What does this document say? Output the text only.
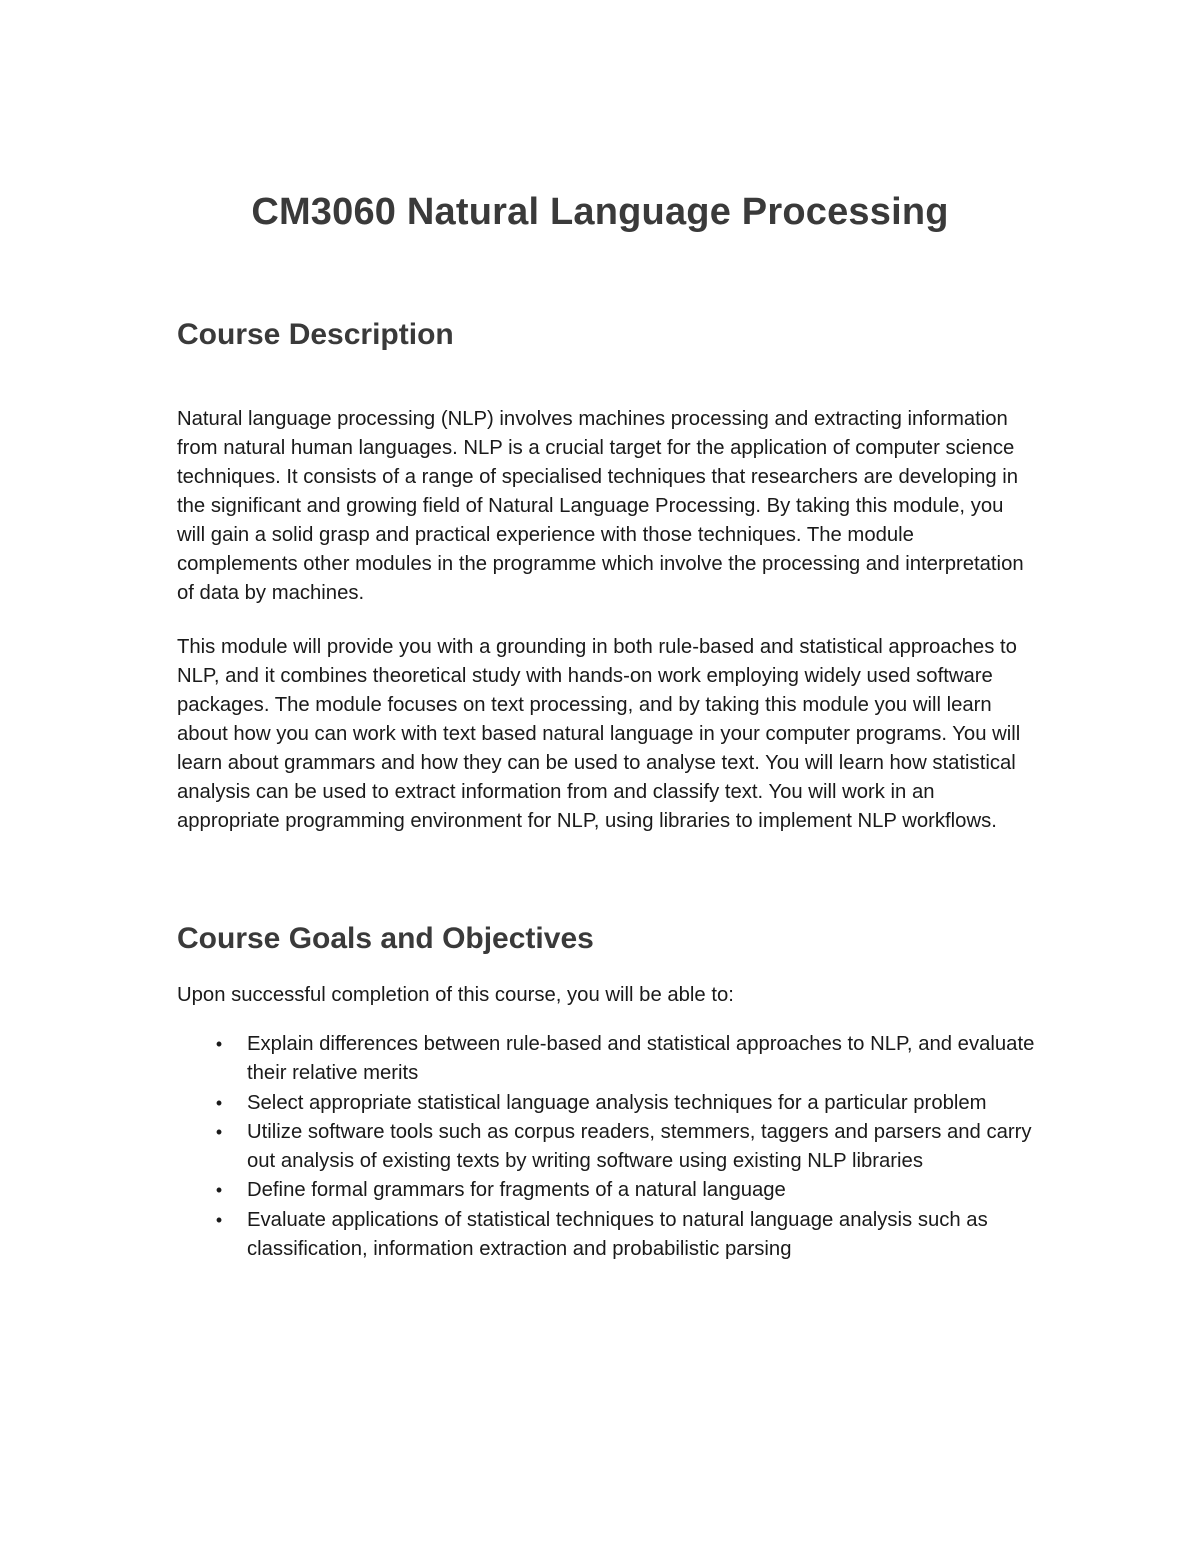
CM3060 Natural Language Processing
Course Description

Natural language processing (NLP) involves machines processing and extracting information from natural human languages. NLP is a crucial target for the application of computer science techniques. It consists of a range of specialised techniques that researchers are developing in the significant and growing field of Natural Language Processing. By taking this module, you will gain a solid grasp and practical experience with those techniques. The module complements other modules in the programme which involve the processing and interpretation of data by machines.

This module will provide you with a grounding in both rule-based and statistical approaches to NLP, and it combines theoretical study with hands-on work employing widely used software packages. The module focuses on text processing, and by taking this module you will learn about how you can work with text based natural language in your computer programs. You will learn about grammars and how they can be used to analyse text. You will learn how statistical analysis can be used to extract information from and classify text. You will work in an appropriate programming environment for NLP, using libraries to implement NLP workflows.

Course Goals and Objectives

Upon successful completion of this course, you will be able to:

• Explain differences between rule-based and statistical approaches to NLP, and evaluate their relative merits
• Select appropriate statistical language analysis techniques for a particular problem
• Utilize software tools such as corpus readers, stemmers, taggers and parsers and carry out analysis of existing texts by writing software using existing NLP libraries
• Define formal grammars for fragments of a natural language
• Evaluate applications of statistical techniques to natural language analysis such as classification, information extraction and probabilistic parsing
